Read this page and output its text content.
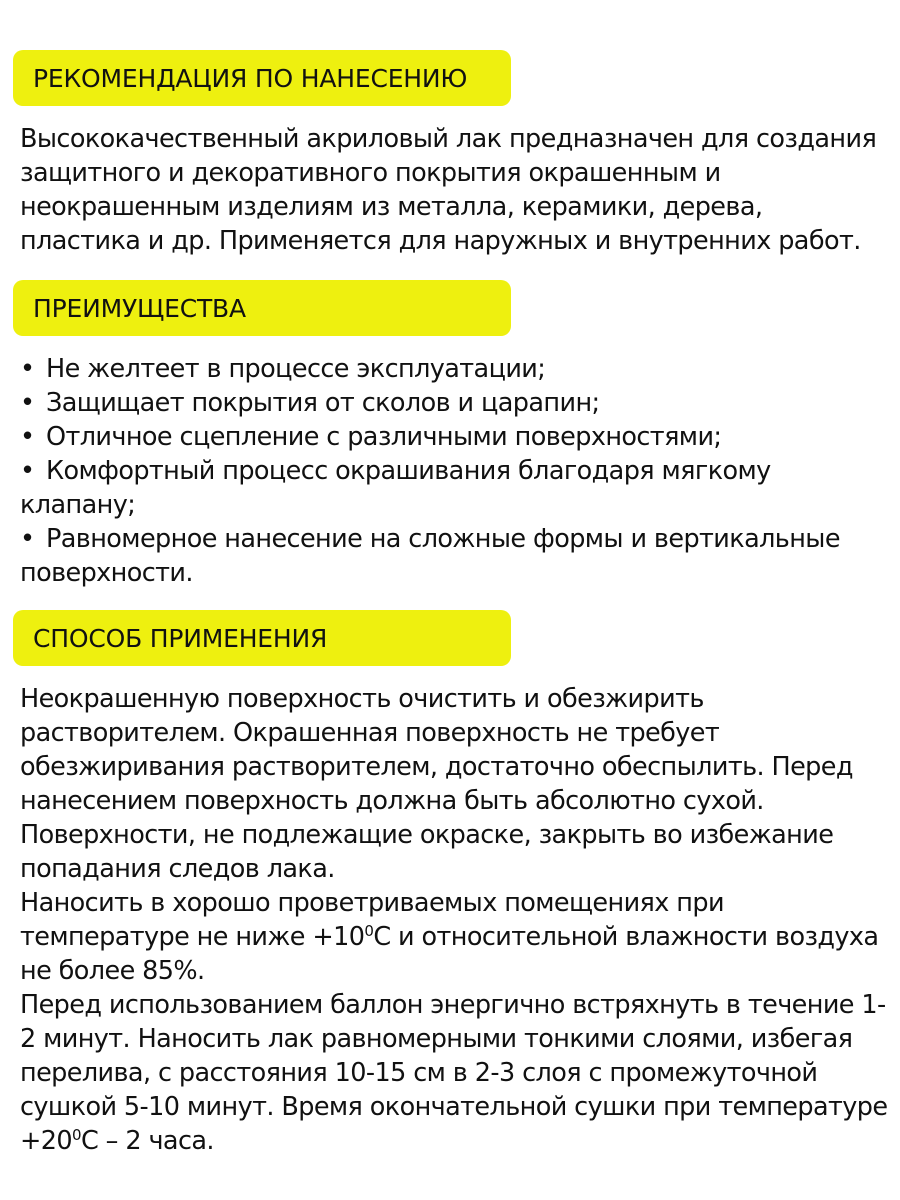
РЕКОМЕНДАЦИЯ ПО НАНЕСЕНИЮ

Высококачественный акриловый лак предназначен для создания защитного и декоративного покрытия окрашенным и неокрашенным изделиям из металла, керамики, дерева, пластика и др. Применяется для наружных и внутренних работ.

ПРЕИМУЩЕСТВА
• Не желтеет в процессе эксплуатации;
• Защищает покрытия от сколов и царапин;
• Отличное сцепление с различными поверхностями;
• Комфортный процесс окрашивания благодаря мягкому клапану;
• Равномерное нанесение на сложные формы и вертикальные поверхности.
СПОСОБ ПРИМЕНЕНИЯ

Неокрашенную поверхность очистить и обезжирить растворителем. Окрашенная поверхность не требует обезжиривания растворителем, достаточно обеспылить. Перед нанесением поверхность должна быть абсолютно сухой. Поверхности, не подлежащие окраске, закрыть во избежание попадания следов лака.

Наносить в хорошо проветриваемых помещениях при температуре не ниже $+10^0С$ и относительной влажности воздуха не более 85%.

Перед использованием баллон энергично встряхнуть в течение 1-2 минут. Наносить лак равномерными тонкими слоями, избегая перелива, с расстояния 10-15 см в 2-3 слоя с промежуточной сушкой 5-10 минут. Время окончательной сушки при температуре $+20^0С - 2$ часа.
